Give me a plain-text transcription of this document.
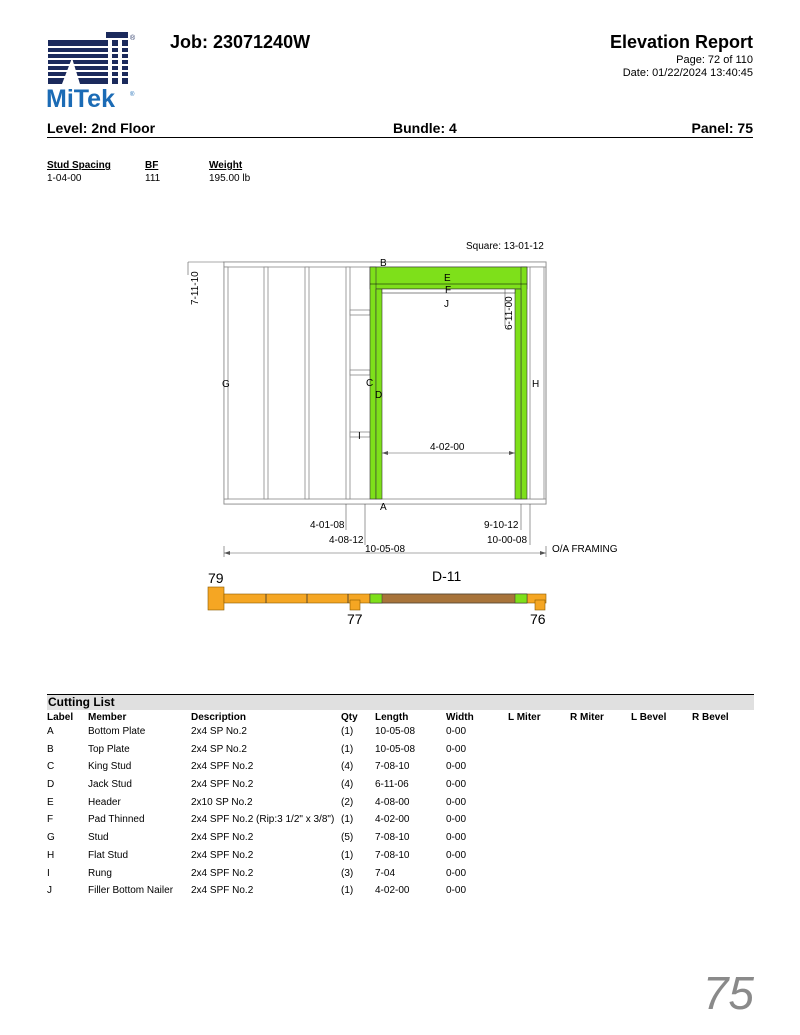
®
MiTek	®
Job: 23071240W	Elevation Report
Page: 72 of 110
Date: 01/22/2024 13:40:45
Level: 2nd Floor	Bundle: 4	Panel: 75
Stud Spacing	BF	Weight
1-04-00	111	195.00 lb
Square: 13-01-12
B
E
F
J
G	C
D
H
I
A
7-11-10
6-11-00
4-02-00
4-01-08
4-08-12
9-10-12
10-00-08
10-05-08	O/A FRAMING
79	D-11
77	76
Cutting List
Label	Member	Description	Qty	Length	Width	L Miter	R Miter	L Bevel	R Bevel
A	Bottom Plate	2x4 SP No.2	(1)	10-05-08	0-00				
B	Top Plate	2x4 SP No.2	(1)	10-05-08	0-00				
C	King Stud	2x4 SPF No.2	(4)	7-08-10	0-00				
D	Jack Stud	2x4 SPF No.2	(4)	6-11-06	0-00				
E	Header	2x10 SP No.2	(2)	4-08-00	0-00				
F	Pad Thinned	2x4 SPF No.2 (Rip:3 1/2" x 3/8")	(1)	4-02-00	0-00				
G	Stud	2x4 SPF No.2	(5)	7-08-10	0-00				
H	Flat Stud	2x4 SPF No.2	(1)	7-08-10	0-00				
I	Rung	2x4 SPF No.2	(3)	7-04	0-00				
J	Filler Bottom Nailer	2x4 SPF No.2	(1)	4-02-00	0-00				
75
